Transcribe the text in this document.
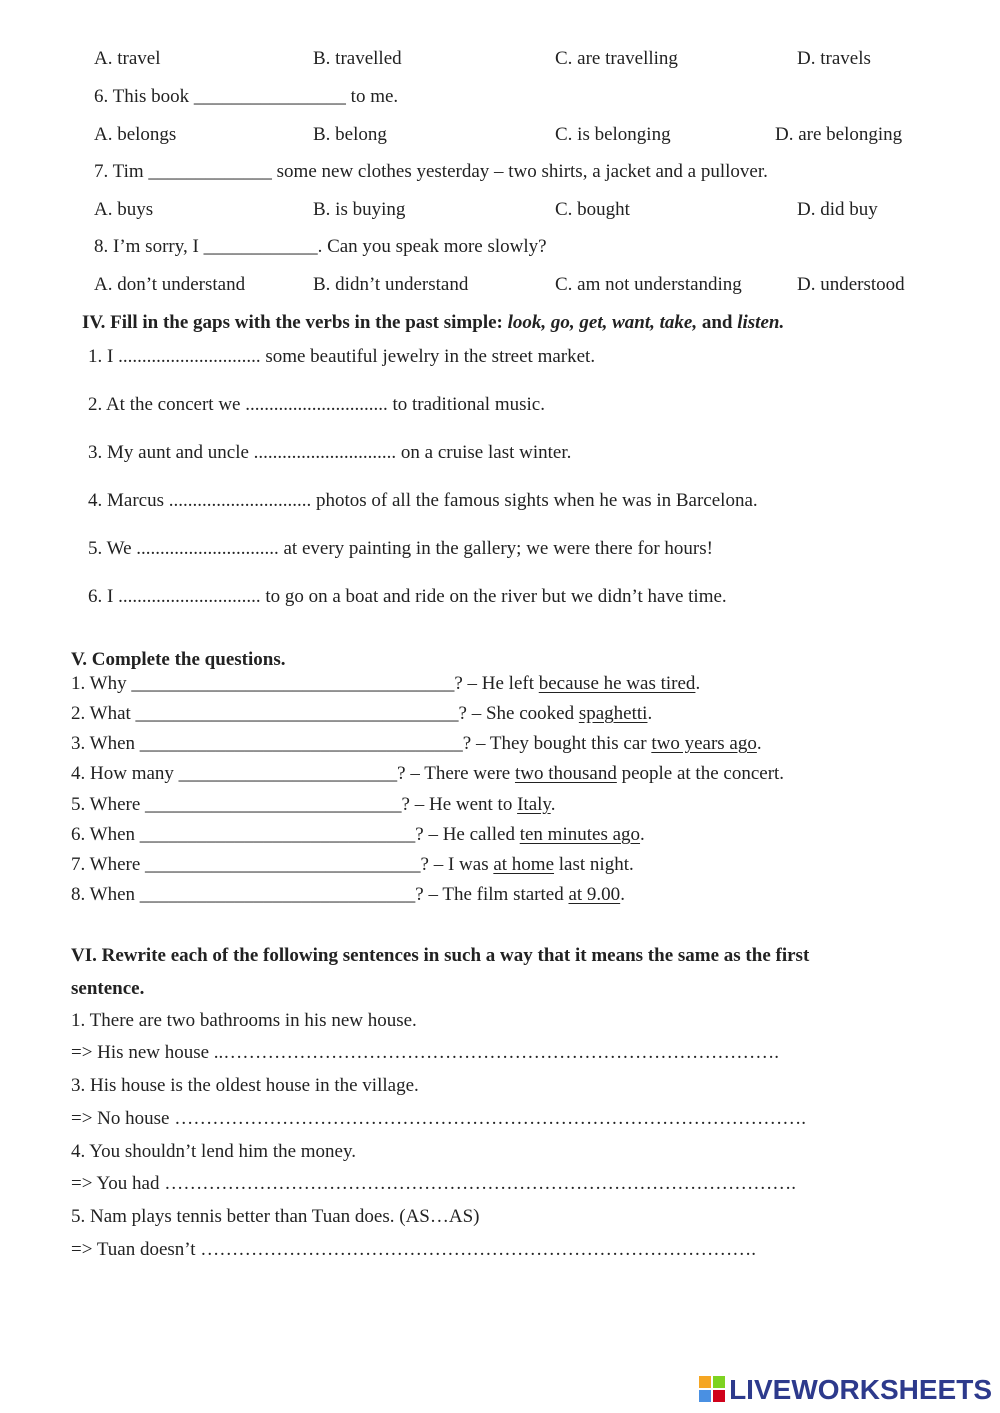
A. travel	B. travelled	C. are travelling	D. travels
6. This book ________________ to me.
A. belongs	B. belong	C. is belonging	D. are belonging
7. Tim _____________ some new clothes yesterday – two shirts, a jacket and a pullover.
A. buys	B. is buying	C. bought	D. did buy
8. I’m sorry, I ____________. Can you speak more slowly?
A. don’t understand	B. didn’t understand	C. am not understanding	D. understood
IV. Fill in the gaps with the verbs in the past simple: look, go, get, want, take, and listen.
1. I .............................. some beautiful jewelry in the street market.
2. At the concert we .............................. to traditional music.
3. My aunt and uncle .............................. on a cruise last winter.
4. Marcus .............................. photos of all the famous sights when he was in Barcelona.
5. We .............................. at every painting in the gallery; we were there for hours!
6. I .............................. to go on a boat and ride on the river but we didn’t have time.
V. Complete the questions.
1. Why __________________________________? – He left because he was tired.
2. What __________________________________? – She cooked spaghetti.
3. When __________________________________? – They bought this car two years ago.
4. How many _______________________? – There were two thousand people at the concert.
5. Where ___________________________? – He went to Italy.
6. When _____________________________? – He called ten minutes ago.
7. Where _____________________________? – I was at home last night.
8. When _____________________________? – The film started at 9.00.
VI. Rewrite each of the following sentences in such a way that it means the same as the first
sentence.
1. There are two bathrooms in his new house.
=> His new house ..…………………………………………………………………………….
3. His house is the oldest house in the village.
=> No house ……………………………………………………………………………………….
4. You shouldn’t lend him the money.
=> You had ……………………………………………………………………………………….
5. Nam plays tennis better than Tuan does. (AS…AS)
=> Tuan doesn’t …………………………………………………………………………….
LIVEWORKSHEETS
